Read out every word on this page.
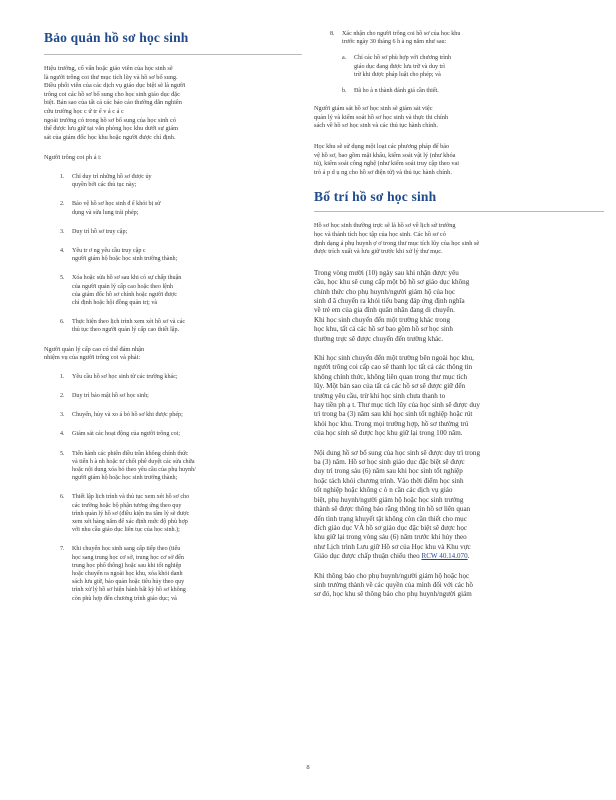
Bảo quản hồ sơ học sinh

Hiệu trưởng, cố vấn hoặc giáo viên của học sinh sẽ
là người trông coi thư mục tích lũy và hồ sơ bổ sung.
Điều phối viên của các dịch vụ giáo dục biệt sẽ là người
trông coi các hồ sơ bổ sung cho học sinh giáo dục đặc
biệt. Bản sao của tất cả các báo cáo thường dẫn nghiên
cứu trường học c ứ tr ể v á c ả c
ngoài trường có trong hồ sơ bổ sung của học sinh có
thể được lưu giữ tại văn phòng học khu dưới sự giám
sát của giám đốc học khu hoặc người được chỉ định.

Người trông coi ph á i:

1. Chỉ duy trì những hồ sơ được ủy
quyền bởi các thủ tục này;
2. Bảo vệ hồ sơ học sinh đ ể khỏi bị sử
dụng và sửa lung trái phép;
3. Duy trì hồ sơ truy cập;
4. Yêu tr ơ ng yêu cầu truy cập c
người giám hộ hoặc học sinh trường thành;
5. Xóa hoặc sửa hồ sơ sau khi có sự chấp thuận
của người quản lý cấp cao hoặc theo lệnh
của giám đốc hồ sơ chính hoặc người được
chỉ định hoặc hội đồng quản trị; và
6. Thực hiện theo lịch trình xem xét hồ sơ và các
thủ tục theo người quản lý cấp cao thiết lập.

Người quản lý cấp cao có thể đảm nhận
nhiệm vụ của người trông coi và phải:

1. Yêu cầu hồ sơ học sinh từ các trường khác;
2. Duy trì bảo mật hồ sơ học sinh;
3. Chuyển, hủy và xo á bỏ hồ sơ khi được phép;
4. Giám sát các hoạt động của người trông coi;
5. Tiến hành các phiên điều trần không chính thức
và tiến h à nh hoặc tư chối phê duyệt các sửa chữa
hoặc nội dung xóa bỏ theo yêu cầu của phụ huynh/
người giám hộ hoặc học sinh trưởng thành;
6. Thiết lập lịch trình và thủ tục xem xét hồ sơ cho
các trường hoặc bộ phận tương ứng theo quy
trình quản lý hồ sơ (điều kiện tra tâm lý sẽ được
xem xét hàng năm để xác định mức độ phù hợp
với nhu cầu giáo dục liên tục của học sinh.);
7. Khi chuyển học sinh sang cấp tiếp theo (tiểu
học sang trung học cơ sở, trung học cơ sở đến
trung học phổ thông) hoặc sau khi tốt nghiệp
hoặc chuyển ra ngoài học khu, xóa khỏi danh
sách lưu giữ, bảo quản hoặc tiêu hủy theo quy
trình xử lý hồ sơ hiện hành bất kỳ hồ sơ không
còn phù hợp đến chương trình giáo dục; và
8. Xác nhận cho người trông coi hồ sơ của học khu
trước ngày 30 tháng 6 h à ng năm như sau:
a. Chỉ các hồ sơ phù hợp với chương trình
giáo dục đang được lưu trữ và duy trì
trừ khi được pháp luật cho phép; và
b. Đã ho à n thành đánh giá cần thiết.

Người giám sát hồ sơ học sinh sẽ giám sát việc
quản lý và kiểm soát hồ sơ học sinh và thực thi chính
sách về hồ sơ học sinh và các thủ tục hành chính.

Học khu sẽ sử dụng một loạt các phương pháp để bảo
vệ hồ sơ, bao gồm mật khẩu, kiểm soát vật lý (như khóa
tủ), kiểm soát công nghệ (như kiểm soát truy cập theo vai
trò ả p d ụ ng cho hồ sơ điện tử) và thủ tục hành chính.

Bố trí hồ sơ học sinh

Hồ sơ học sinh thường trực sẽ là hồ sơ về lịch sử trường
học và thành tích học tập của học sinh. Các hồ sơ có
định dạng ả phụ huynh ợ ơ trong thư mục tích lũy của học sinh sẽ
được trích xuất và lưu giữ trước khi xử lý thư mục.

Trong vòng mười (10) ngày sau khi nhận được yêu
cầu, học khu sẽ cung cấp một bộ hồ sơ giáo dục không
chính thức cho phụ huynh/người giám hộ của học
sinh đ ã chuyển ra khỏi tiểu bang đáp ứng định nghĩa
về trẻ em của gia đình quân nhân đang di chuyển.
Khi học sinh chuyển đến một trường khác trong
học khu, tất cả các hồ sơ bao gồm hồ sơ học sinh
thường trực sẽ được chuyển đến trường khác.

Khi học sinh chuyển đến một trường bên ngoài học khu,
người trông coi cấp cao sẽ thanh lọc tất cả các thông tin
không chính thức, không liên quan trong thư mục tích
lũy. Một bản sao của tất cả các hồ sơ sẽ được giữ đến
trường yêu cầu, trừ khi học sinh chưa thanh to
hay tiền ph ạ t. Thư mục tích lũy của học sinh sẽ được duy
trì trong ba (3) năm sau khi học sinh tốt nghiệp hoặc rút
khỏi học khu. Trong mọi trường hợp, hồ sơ thường trú
của học sinh sẽ được học khu giữ lại trong 100 năm.

Nội dung hồ sơ bổ sung của học sinh sẽ được duy trì trong
ba (3) năm. Hồ sơ học sinh giáo dục đặc biệt sẽ được
duy trì trong sáu (6) năm sau khi học sinh tốt nghiệp
hoặc tách khỏi chương trình. Vào thời điểm học sinh
tốt nghiệp hoặc không c ò n cần các dịch vụ giáo
biệt, phụ huynh/người giám hộ hoặc học sinh trưởng
thành sẽ được thông báo rằng thông tin hồ sơ liên quan
đến tình trạng khuyết tật không còn cần thiết cho mục
đích giáo dục VÀ hồ sơ giáo dục đặc biệt sẽ được học
khu giữ lại trong vòng sáu (6) năm trước khi hủy theo
như Lịch trình Lưu giữ Hồ sơ của Học khu và Khu vực
Giáo dục được chấp thuận chiếu theo RCW 40.14.070.

Khi thông báo cho phụ huynh/người giám hộ hoặc học
sinh trưởng thành về các quyền của mình đối với các hồ
sơ đó, học khu sẽ thông báo cho phụ huynh/người giám

8
